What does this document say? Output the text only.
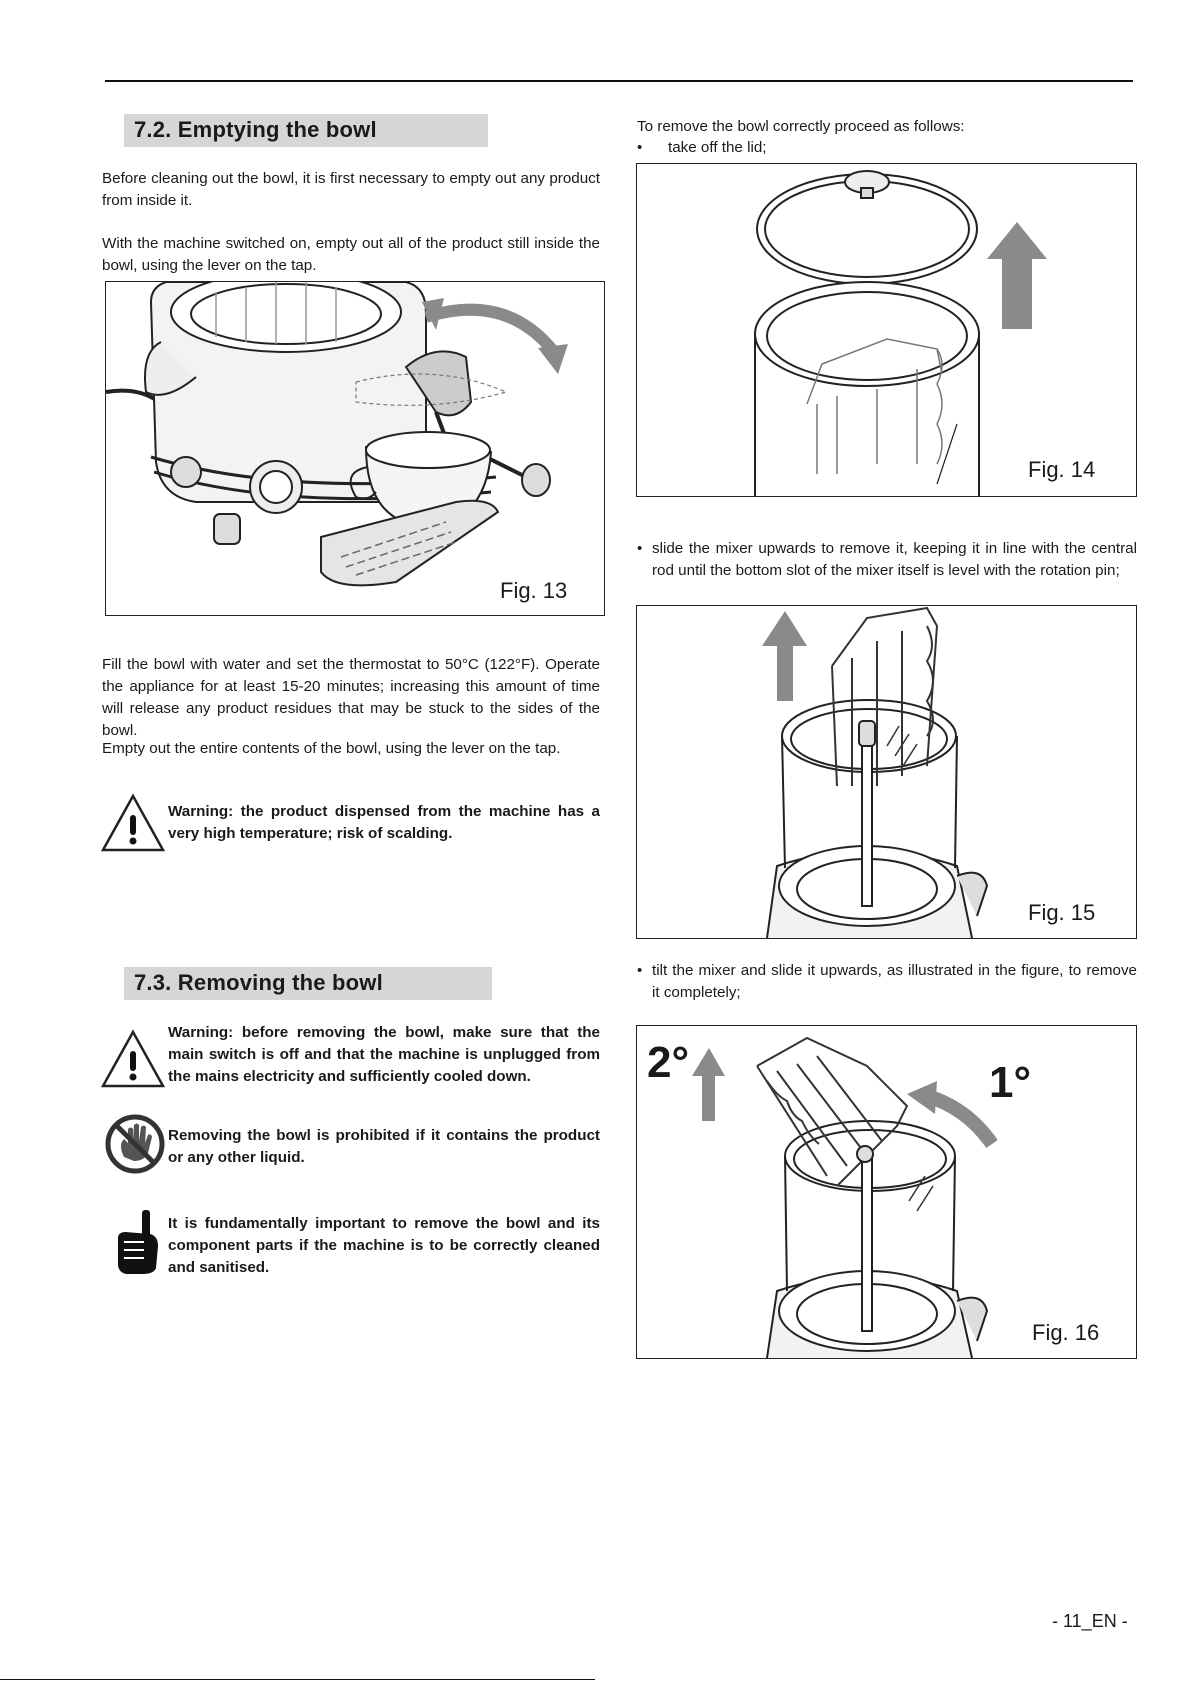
7.2. Emptying the bowl
Before cleaning out the bowl, it is first necessary to empty out any product from inside it.
With the machine switched on, empty out all of the product still inside the bowl, using the lever on the tap.
Fig. 13
Fill the bowl with water and set the thermostat to 50°C (122°F). Operate the appliance for at least 15-20 minutes; increasing this amount of time will release any product residues that may be stuck to the sides of the bowl.
Empty out the entire contents of the bowl, using the lever on the tap.
Warning: the product dispensed from the machine has a very high temperature; risk of scalding.
7.3. Removing the bowl
Warning: before removing the bowl, make sure that the main switch is off and that the machine is unplugged from the mains electricity and sufficiently cooled down.
Removing the bowl is prohibited if it contains the product or any other liquid.
It is fundamentally important to remove the bowl and its component parts if the machine is to be correctly cleaned and sanitised.
To remove the bowl correctly proceed as follows:
• take off the lid;
Fig. 14
• slide the mixer upwards to remove it, keeping it in line with the central rod until the bottom slot of the mixer itself is level with the rotation pin;
Fig. 15
• tilt the mixer and slide it upwards, as illustrated in the figure, to remove it completely;
2°	1°
Fig. 16
- 11_EN -
